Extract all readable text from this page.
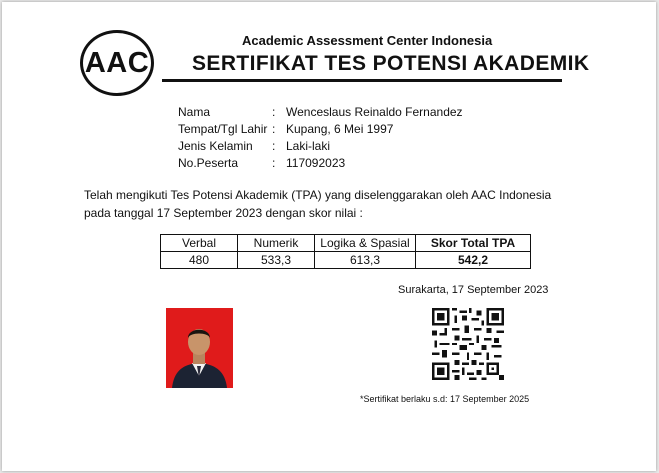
AAC
Academic Assessment Center Indonesia
SERTIFIKAT TES POTENSI AKADEMIK
Nama	: Wenceslaus Reinaldo Fernandez
Tempat/Tgl Lahir : Kupang, 6 Mei 1997
Jenis Kelamin	: Laki-laki
No.Peserta	: 117092023
Telah mengikuti Tes Potensi Akademik (TPA) yang diselenggarakan oleh AAC Indonesia
pada tanggal 17 September 2023 dengan skor nilai :
Verbal	Numerik	Logika & Spasial	Skor Total TPA
480	533,3	613,3	542,2
Surakarta, 17 September 2023
*Sertifikat berlaku s.d: 17 September 2025
